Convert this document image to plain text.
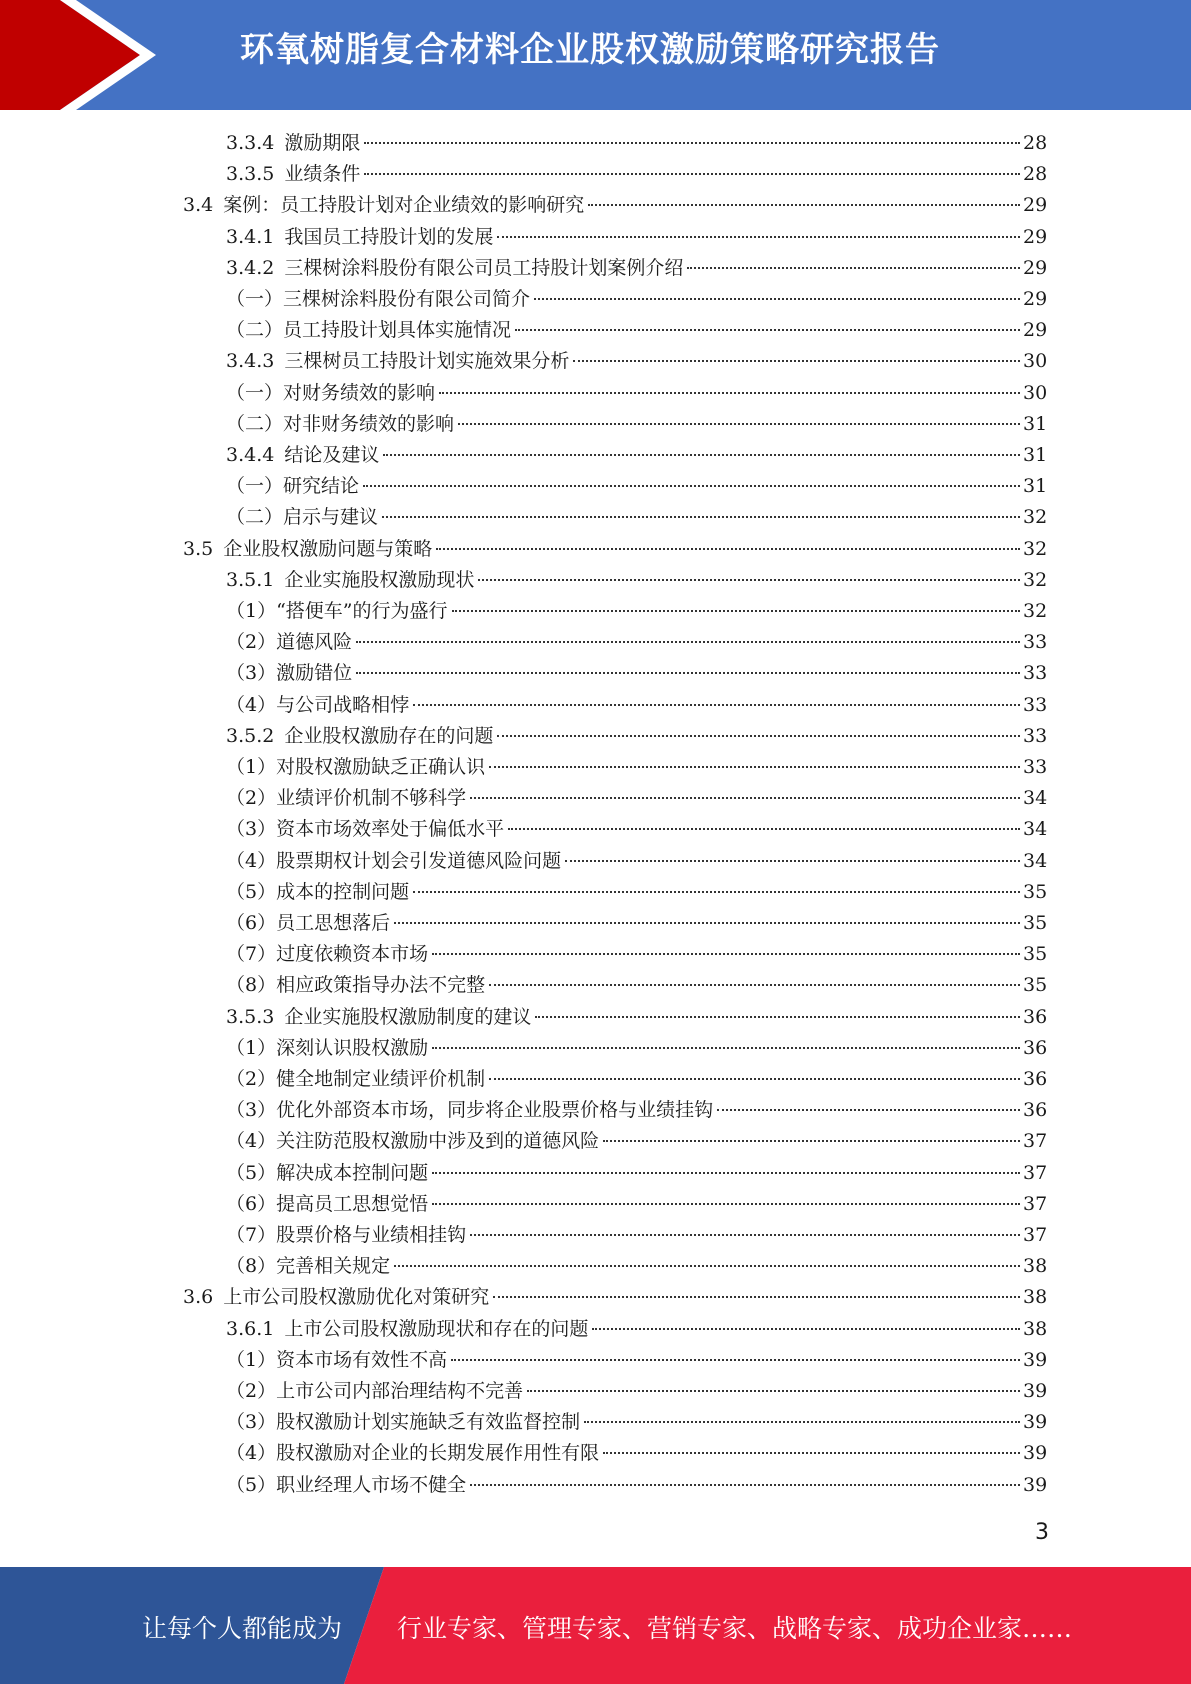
环氧树脂复合材料企业股权激励策略研究报告
3.3.4 激励期限	28
3.3.5 业绩条件	28
3.4 案例：员工持股计划对企业绩效的影响研究	29
3.4.1 我国员工持股计划的发展	29
3.4.2 三棵树涂料股份有限公司员工持股计划案例介绍	29
（一）三棵树涂料股份有限公司简介	29
（二）员工持股计划具体实施情况	29
3.4.3 三棵树员工持股计划实施效果分析	30
（一）对财务绩效的影响	30
（二）对非财务绩效的影响	31
3.4.4 结论及建议	31
（一）研究结论	31
（二）启示与建议	32
3.5 企业股权激励问题与策略	32
3.5.1 企业实施股权激励现状	32
（1）“搭便车”的行为盛行	32
（2）道德风险	33
（3）激励错位	33
（4）与公司战略相悖	33
3.5.2 企业股权激励存在的问题	33
（1）对股权激励缺乏正确认识	33
（2）业绩评价机制不够科学	34
（3）资本市场效率处于偏低水平	34
（4）股票期权计划会引发道德风险问题	34
（5）成本的控制问题	35
（6）员工思想落后	35
（7）过度依赖资本市场	35
（8）相应政策指导办法不完整	35
3.5.3 企业实施股权激励制度的建议	36
（1）深刻认识股权激励	36
（2）健全地制定业绩评价机制	36
（3）优化外部资本市场，同步将企业股票价格与业绩挂钩	36
（4）关注防范股权激励中涉及到的道德风险	37
（5）解决成本控制问题	37
（6）提高员工思想觉悟	37
（7）股票价格与业绩相挂钩	37
（8）完善相关规定	38
3.6 上市公司股权激励优化对策研究	38
3.6.1 上市公司股权激励现状和存在的问题	38
（1）资本市场有效性不高	39
（2）上市公司内部治理结构不完善	39
（3）股权激励计划实施缺乏有效监督控制	39
（4）股权激励对企业的长期发展作用性有限	39
（5）职业经理人市场不健全	39
3
让每个人都能成为 行业专家、管理专家、营销专家、战略专家、成功企业家……
